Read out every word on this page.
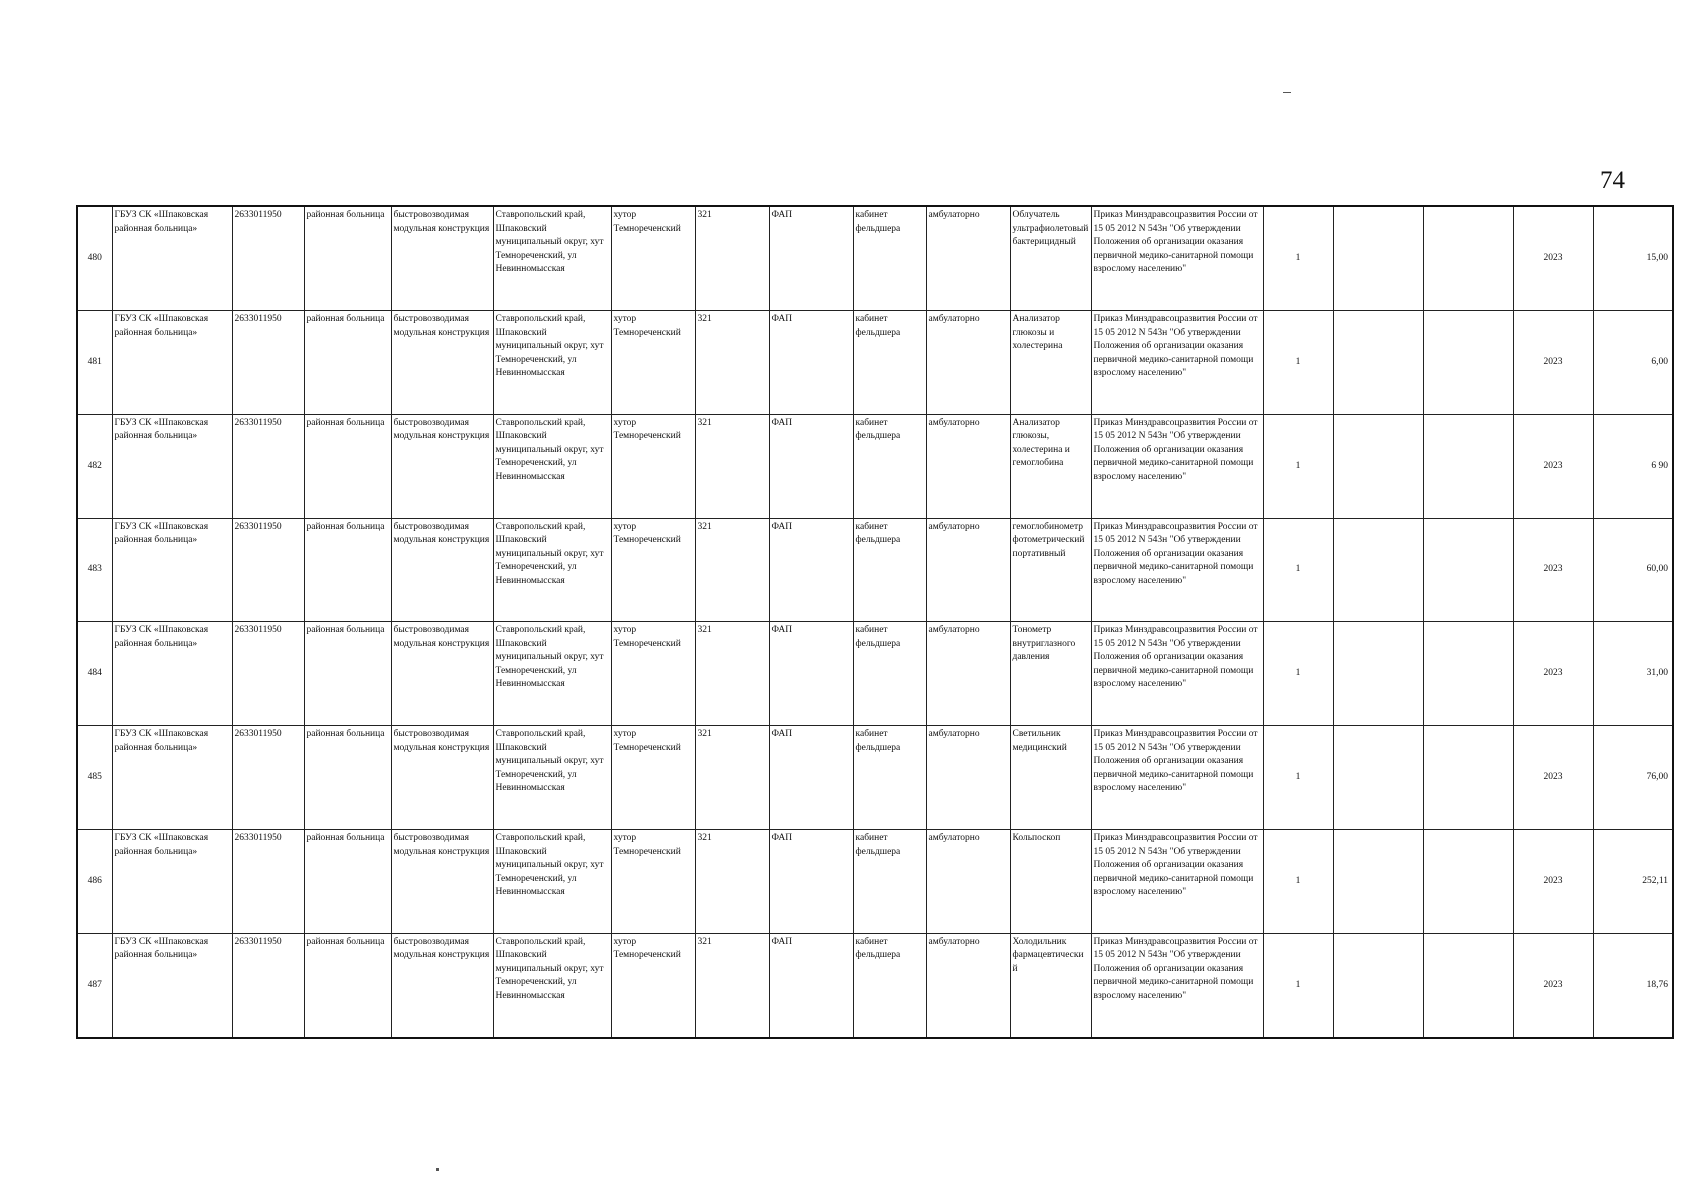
74
480	ГБУЗ СК «Шпаковская районная больница»	2633011950	районная больница	быстровозводимая модульная конструкция	Ставропольский край, Шпаковский муниципальный округ, хут Темнореченский, ул Невинномысская	хутор Темнореченский	321	ФАП	кабинет фельдшера	амбулаторно	Облучатель ультрафиолетовый бактерицидный	Приказ Минздравсоцразвития России от 15 05 2012 N 543н "Об утверждении Положения об организации оказания первичной медико-санитарной помощи взрослому населению"	1			2023	15,00
481	ГБУЗ СК «Шпаковская районная больница»	2633011950	районная больница	быстровозводимая модульная конструкция	Ставропольский край, Шпаковский муниципальный округ, хут Темнореченский, ул Невинномысская	хутор Темнореченский	321	ФАП	кабинет фельдшера	амбулаторно	Анализатор глюкозы и холестерина	Приказ Минздравсоцразвития России от 15 05 2012 N 543н "Об утверждении Положения об организации оказания первичной медико-санитарной помощи взрослому населению"	1			2023	6,00
482	ГБУЗ СК «Шпаковская районная больница»	2633011950	районная больница	быстровозводимая модульная конструкция	Ставропольский край, Шпаковский муниципальный округ, хут Темнореченский, ул Невинномысская	хутор Темнореченский	321	ФАП	кабинет фельдшера	амбулаторно	Анализатор глюкозы, холестерина и гемоглобина	Приказ Минздравсоцразвития России от 15 05 2012 N 543н "Об утверждении Положения об организации оказания первичной медико-санитарной помощи взрослому населению"	1			2023	6 90
483	ГБУЗ СК «Шпаковская районная больница»	2633011950	районная больница	быстровозводимая модульная конструкция	Ставропольский край, Шпаковский муниципальный округ, хут Темнореченский, ул Невинномысская	хутор Темнореченский	321	ФАП	кабинет фельдшера	амбулаторно	гемоглобинометр фотометрический портативный	Приказ Минздравсоцразвития России от 15 05 2012 N 543н "Об утверждении Положения об организации оказания первичной медико-санитарной помощи взрослому населению"	1			2023	60,00
484	ГБУЗ СК «Шпаковская районная больница»	2633011950	районная больница	быстровозводимая модульная конструкция	Ставропольский край, Шпаковский муниципальный округ, хут Темнореченский, ул Невинномысская	хутор Темнореченский	321	ФАП	кабинет фельдшера	амбулаторно	Тонометр внутриглазного давления	Приказ Минздравсоцразвития России от 15 05 2012 N 543н "Об утверждении Положения об организации оказания первичной медико-санитарной помощи взрослому населению"	1			2023	31,00
485	ГБУЗ СК «Шпаковская районная больница»	2633011950	районная больница	быстровозводимая модульная конструкция	Ставропольский край, Шпаковский муниципальный округ, хут Темнореченский, ул Невинномысская	хутор Темнореченский	321	ФАП	кабинет фельдшера	амбулаторно	Светильник медицинский	Приказ Минздравсоцразвития России от 15 05 2012 N 543н "Об утверждении Положения об организации оказания первичной медико-санитарной помощи взрослому населению"	1			2023	76,00
486	ГБУЗ СК «Шпаковская районная больница»	2633011950	районная больница	быстровозводимая модульная конструкция	Ставропольский край, Шпаковский муниципальный округ, хут Темнореченский, ул Невинномысская	хутор Темнореченский	321	ФАП	кабинет фельдшера	амбулаторно	Кольпоскоп	Приказ Минздравсоцразвития России от 15 05 2012 N 543н "Об утверждении Положения об организации оказания первичной медико-санитарной помощи взрослому населению"	1			2023	252,11
487	ГБУЗ СК «Шпаковская районная больница»	2633011950	районная больница	быстровозводимая модульная конструкция	Ставропольский край, Шпаковский муниципальный округ, хут Темнореченский, ул Невинномысская	хутор Темнореченский	321	ФАП	кабинет фельдшера	амбулаторно	Холодильник фармацевтический	Приказ Минздравсоцразвития России от 15 05 2012 N 543н "Об утверждении Положения об организации оказания первичной медико-санитарной помощи взрослому населению"	1			2023	18,76
